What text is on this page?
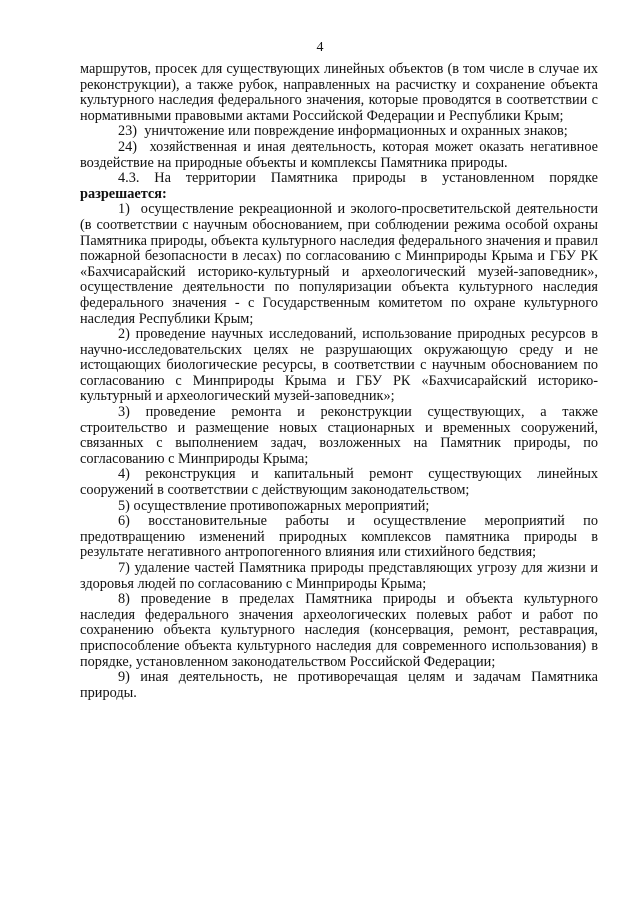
4

маршрутов, просек для существующих линейных объектов (в том числе в случае их реконструкции), а также рубок, направленных на расчистку и сохранение объекта культурного наследия федерального значения, которые проводятся в соответствии с нормативными правовыми актами Российской Федерации и Республики Крым;

23)  уничтожение или повреждение информационных и охранных знаков;

24)  хозяйственная и иная деятельность, которая может оказать негативное воздействие на природные объекты и комплексы Памятника природы.

4.3. На территории Памятника природы в установленном порядке разрешается:

1)  осуществление рекреационной и эколого-просветительской деятельности (в соответствии с научным обоснованием, при соблюдении режима особой охраны Памятника природы, объекта культурного наследия федерального значения и правил пожарной безопасности в лесах) по согласованию с Минприроды Крыма и ГБУ РК «Бахчисарайский историко-культурный и археологический музей-заповедник», осуществление деятельности по популяризации объекта культурного наследия федерального значения - с Государственным комитетом по охране культурного наследия Республики Крым;

2) проведение научных исследований, использование природных ресурсов в научно-исследовательских целях не разрушающих окружающую среду и не истощающих биологические ресурсы, в соответствии с научным обоснованием по согласованию с Минприроды Крыма и ГБУ РК «Бахчисарайский историко-культурный и археологический музей-заповедник»;

3) проведение ремонта и реконструкции существующих, а также строительство и размещение новых стационарных и временных сооружений, связанных с выполнением задач, возложенных на Памятник природы, по согласованию с Минприроды Крыма;

4) реконструкция и капитальный ремонт существующих линейных сооружений в соответствии с действующим законодательством;

5) осуществление противопожарных мероприятий;

6) восстановительные работы и осуществление мероприятий по предотвращению изменений природных комплексов памятника природы в результате негативного антропогенного влияния или стихийного бедствия;

7) удаление частей Памятника природы представляющих угрозу для жизни и здоровья людей по согласованию с Минприроды Крыма;

8) проведение в пределах Памятника природы и объекта культурного наследия федерального значения археологических полевых работ и работ по сохранению объекта культурного наследия (консервация, ремонт, реставрация, приспособление объекта культурного наследия для современного использования) в порядке, установленном законодательством Российской Федерации;

9) иная деятельность, не противоречащая целям и задачам Памятника природы.
